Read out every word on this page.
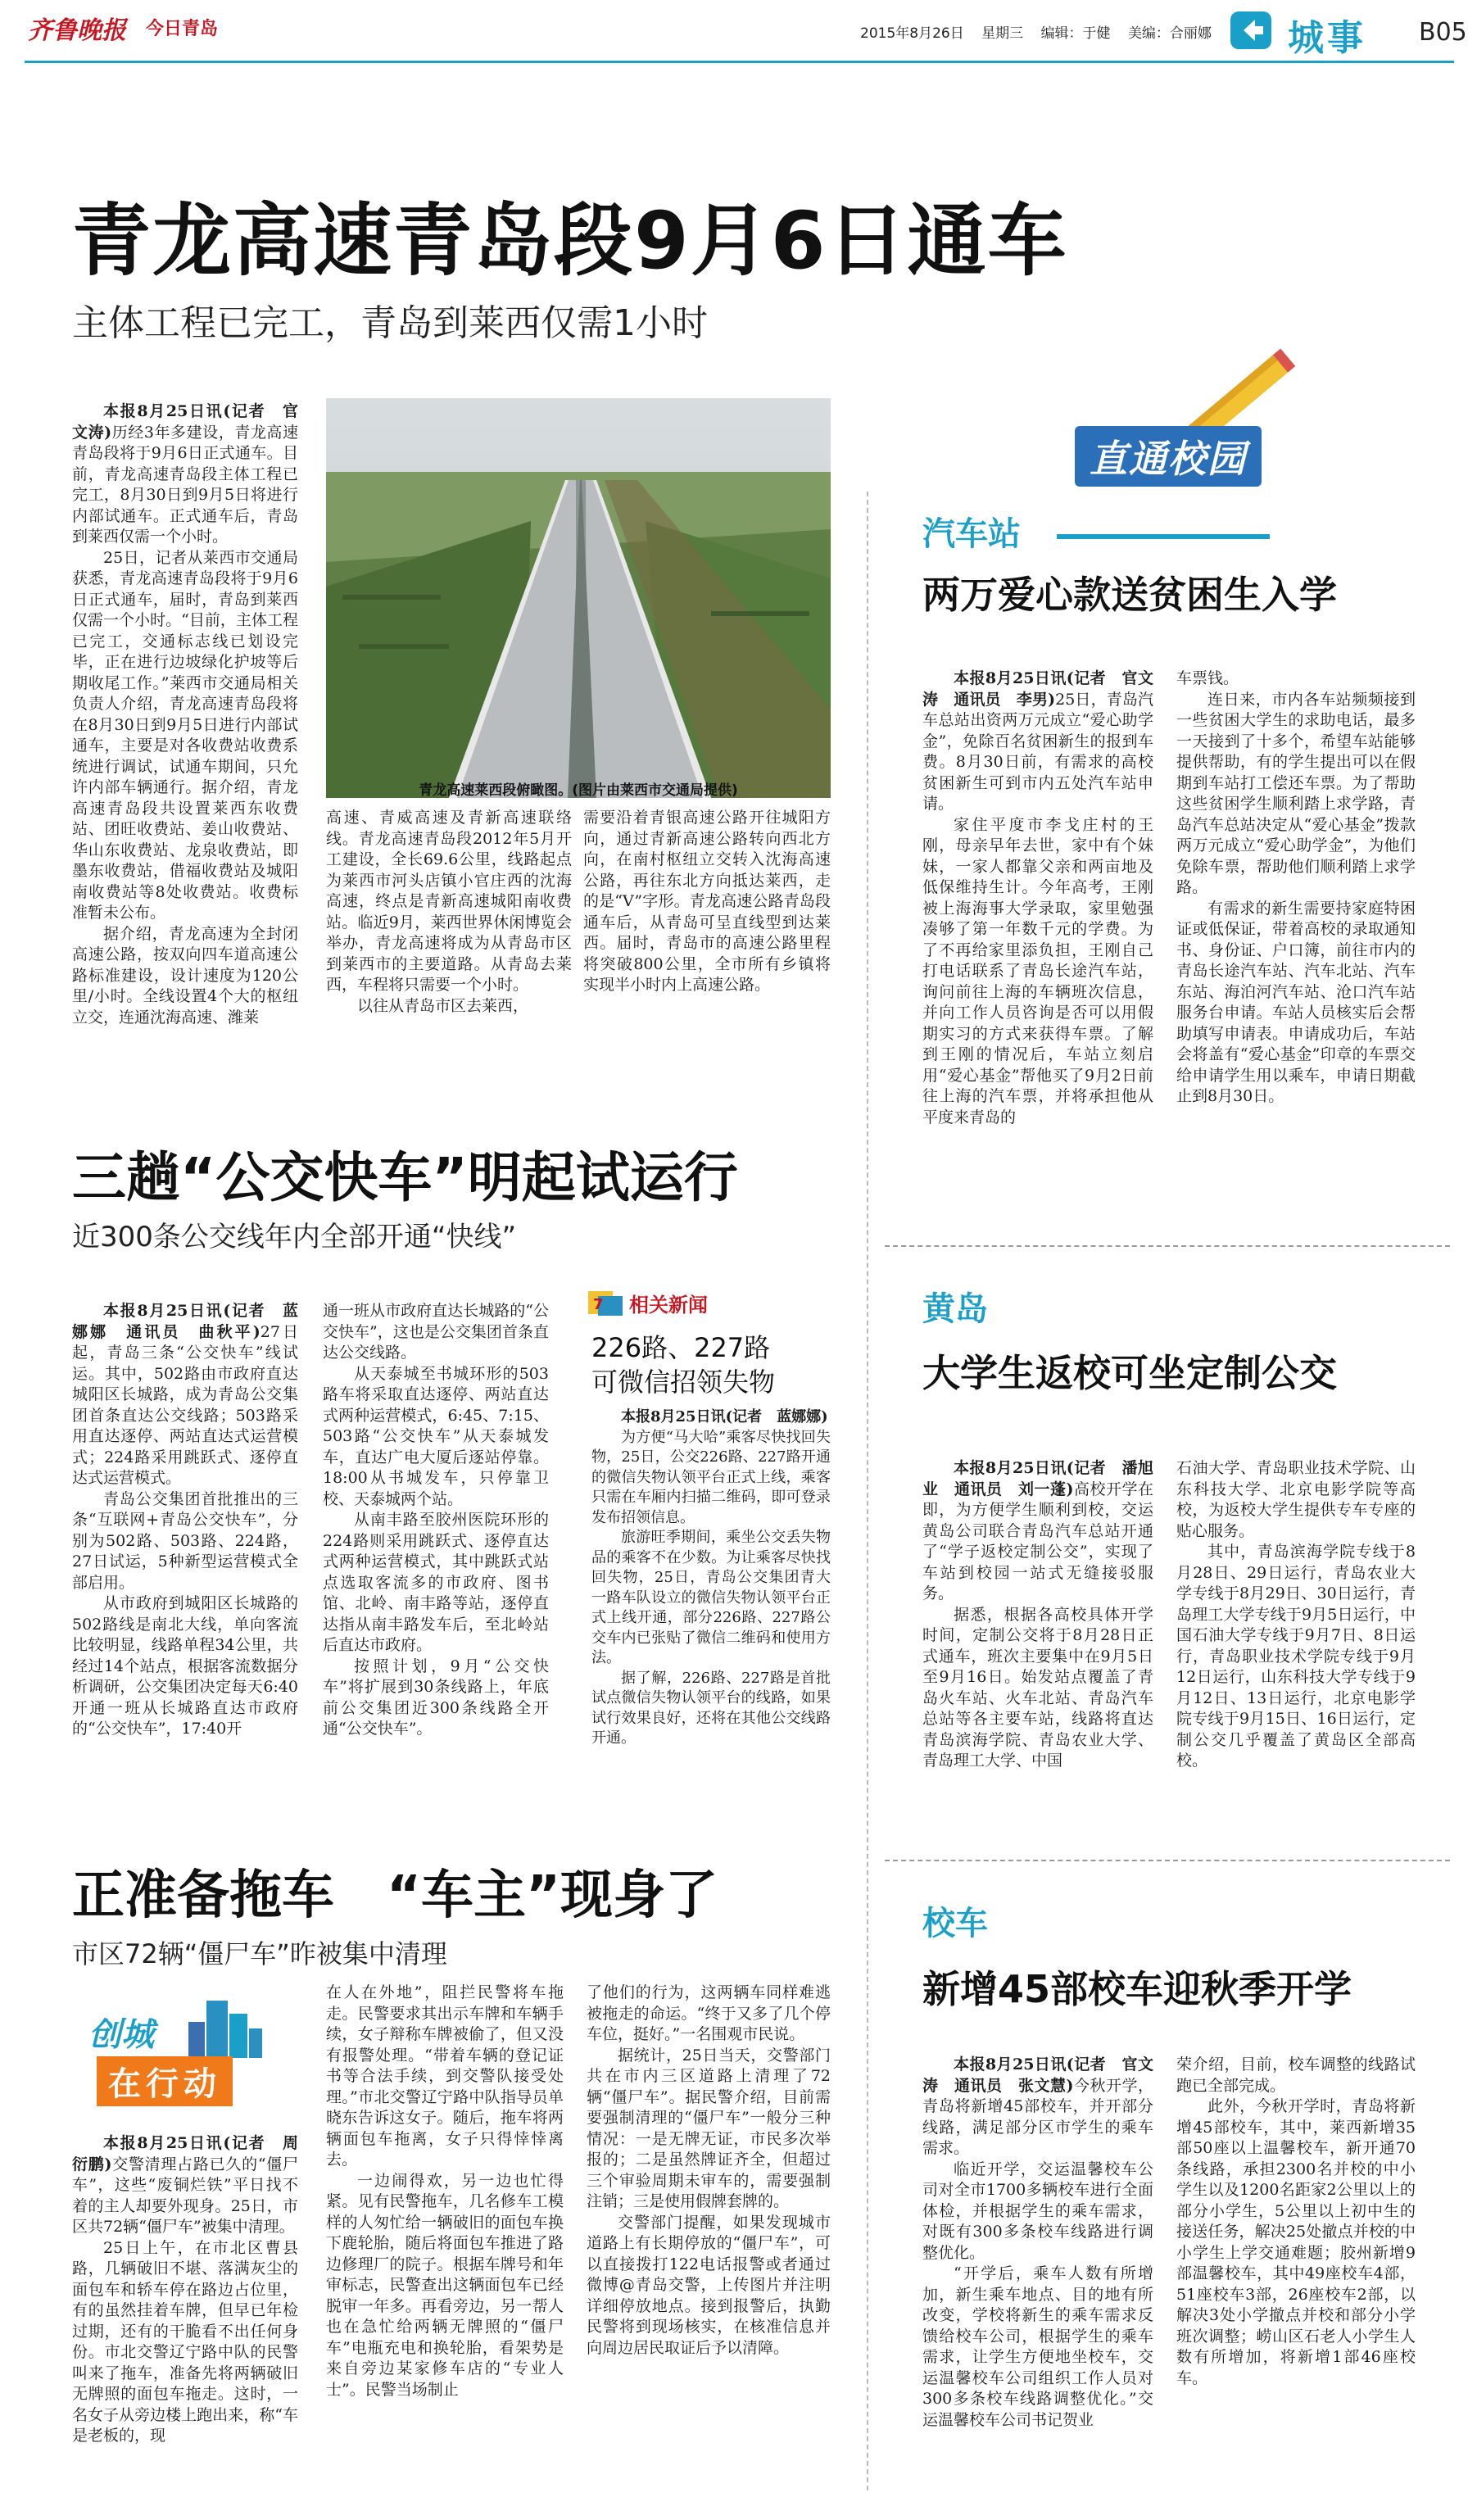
齐鲁晚报 今日青岛	2015年8月26日 星期三 编辑：于健 美编：合丽娜 城事 B05
青龙高速青岛段9月6日通车
主体工程已完工，青岛到莱西仅需1小时

本报8月25日讯(记者　官文涛)历经3年多建设，青龙高速青岛段将于9月6日正式通车。目前，青龙高速青岛段主体工程已完工，8月30日到9月5日将进行内部试通车。正式通车后，青岛到莱西仅需一个小时。

25日，记者从莱西市交通局获悉，青龙高速青岛段将于9月6日正式通车，届时，青岛到莱西仅需一个小时。“目前，主体工程已完工，交通标志线已划设完毕，正在进行边坡绿化护坡等后期收尾工作。”莱西市交通局相关负责人介绍，青龙高速青岛段将在8月30日到9月5日进行内部试通车，主要是对各收费站收费系统进行调试，试通车期间，只允许内部车辆通行。据介绍，青龙高速青岛段共设置莱西东收费站、团旺收费站、姜山收费站、华山东收费站、龙泉收费站，即墨东收费站，借福收费站及城阳南收费站等8处收费站。收费标准暂未公布。

据介绍，青龙高速为全封闭高速公路，按双向四车道高速公路标准建设，设计速度为120公里/小时。全线设置4个大的枢纽立交，连通沈海高速、潍莱

青龙高速莱西段俯瞰图。(图片由莱西市交通局提供)

高速、青威高速及青新高速联络线。青龙高速青岛段2012年5月开工建设，全长69.6公里，线路起点为莱西市河头店镇小官庄西的沈海高速，终点是青新高速城阳南收费站。临近9月，莱西世界休闲博览会举办，青龙高速将成为从青岛市区到莱西市的主要道路。从青岛去莱西，车程将只需要一个小时。

以往从青岛市区去莱西，

需要沿着青银高速公路开往城阳方向，通过青新高速公路转向西北方向，在南村枢纽立交转入沈海高速公路，再往东北方向抵达莱西，走的是“V”字形。青龙高速公路青岛段通车后，从青岛可呈直线型到达莱西。届时，青岛市的高速公路里程将突破800公里，全市所有乡镇将实现半小时内上高速公路。

三趟“公交快车”明起试运行
近300条公交线年内全部开通“快线”

本报8月25日讯(记者　蓝娜娜　通讯员　曲秋平)27日起，青岛三条“公交快车”线试运。其中，502路由市政府直达城阳区长城路，成为青岛公交集团首条直达公交线路；503路采用直达逐停、两站直达式运营模式；224路采用跳跃式、逐停直达式运营模式。

青岛公交集团首批推出的三条“互联网+青岛公交快车”，分别为502路、503路、224路，27日试运，5种新型运营模式全部启用。

从市政府到城阳区长城路的502路线是南北大线，单向客流比较明显，线路单程34公里，共经过14个站点，根据客流数据分析调研，公交集团决定每天6:40开通一班从长城路直达市政府的“公交快车”，17:40开

通一班从市政府直达长城路的“公交快车”，这也是公交集团首条直达公交线路。

从天泰城至书城环形的503路车将采取直达逐停、两站直达式两种运营模式，6:45、7:15、503路“公交快车”从天泰城发车，直达广电大厦后逐站停靠。18:00从书城发车，只停靠卫校、天泰城两个站。

从南丰路至胶州医院环形的224路则采用跳跃式、逐停直达式两种运营模式，其中跳跃式站点选取客流多的市政府、图书馆、北岭、南丰路等站，逐停直达指从南丰路发车后，至北岭站后直达市政府。

按照计划，9月“公交快车”将扩展到30条线路上，年底前公交集团近300条线路全开通“公交快车”。

7 相关新闻
226路、227路
可微信招领失物

本报8月25日讯(记者　蓝娜娜)

为方便“马大哈”乘客尽快找回失物，25日，公交226路、227路开通的微信失物认领平台正式上线，乘客只需在车厢内扫描二维码，即可登录发布招领信息。

旅游旺季期间，乘坐公交丢失物品的乘客不在少数。为让乘客尽快找回失物，25日，青岛公交集团青大一路车队设立的微信失物认领平台正式上线开通，部分226路、227路公交车内已张贴了微信二维码和使用方法。

据了解，226路、227路是首批试点微信失物认领平台的线路，如果试行效果良好，还将在其他公交线路开通。

正准备拖车　“车主”现身了
市区72辆“僵尸车”昨被集中清理
创城
在行动

本报8月25日讯(记者　周衍鹏)交警清理占路已久的“僵尸车”，这些“废铜烂铁”平日找不着的主人却要外现身。25日，市区共72辆“僵尸车”被集中清理。

25日上午，在市北区曹县路，几辆破旧不堪、落满灰尘的面包车和轿车停在路边占位里，有的虽然挂着车牌，但早已年检过期，还有的干脆看不出任何身份。市北交警辽宁路中队的民警叫来了拖车，准备先将两辆破旧无牌照的面包车拖走。这时，一名女子从旁边楼上跑出来，称“车是老板的，现

在人在外地”，阻拦民警将车拖走。民警要求其出示车牌和车辆手续，女子辩称车牌被偷了，但又没有报警处理。“带着车辆的登记证书等合法手续，到交警队接受处理。”市北交警辽宁路中队指导员单晓东告诉这女子。随后，拖车将两辆面包车拖离，女子只得悻悻离去。

一边闹得欢，另一边也忙得紧。见有民警拖车，几名修车工模样的人匆忙给一辆破旧的面包车换下鹿轮胎，随后将面包车推进了路边修理厂的院子。根据车牌号和年审标志，民警查出这辆面包车已经脱审一年多。再看旁边，另一帮人也在急忙给两辆无牌照的“僵尸车”电瓶充电和换轮胎，看架势是来自旁边某家修车店的“专业人士”。民警当场制止

了他们的行为，这两辆车同样难逃被拖走的命运。“终于又多了几个停车位，挺好。”一名围观市民说。

据统计，25日当天，交警部门共在市内三区道路上清理了72辆“僵尸车”。据民警介绍，目前需要强制清理的“僵尸车”一般分三种情况：一是无牌无证，市民多次举报的；二是虽然牌证齐全，但超过三个审验周期未审车的，需要强制注销；三是使用假牌套牌的。

交警部门提醒，如果发现城市道路上有长期停放的“僵尸车”，可以直接拨打122电话报警或者通过微博@青岛交警，上传图片并注明详细停放地点。接到报警后，执勤民警将到现场核实，在核准信息并向周边居民取证后予以清障。

直通校园
汽车站
两万爱心款送贫困生入学

本报8月25日讯(记者　官文涛　通讯员　李男)25日，青岛汽车总站出资两万元成立“爱心助学金”，免除百名贫困新生的报到车费。8月30日前，有需求的高校贫困新生可到市内五处汽车站申请。

家住平度市李戈庄村的王刚，母亲早年去世，家中有个妹妹，一家人都靠父亲和两亩地及低保维持生计。今年高考，王刚被上海海事大学录取，家里勉强凑够了第一年数千元的学费。为了不再给家里添负担，王刚自己打电话联系了青岛长途汽车站，询问前往上海的车辆班次信息，并向工作人员咨询是否可以用假期实习的方式来获得车票。了解到王刚的情况后，车站立刻启用“爱心基金”帮他买了9月2日前往上海的汽车票，并将承担他从平度来青岛的

车票钱。

连日来，市内各车站频频接到一些贫困大学生的求助电话，最多一天接到了十多个，希望车站能够提供帮助，有的学生提出可以在假期到车站打工偿还车票。为了帮助这些贫困学生顺利踏上求学路，青岛汽车总站决定从“爱心基金”拨款两万元成立“爱心助学金”，为他们免除车票，帮助他们顺利踏上求学路。

有需求的新生需要持家庭特困证或低保证，带着高校的录取通知书、身份证、户口簿，前往市内的青岛长途汽车站、汽车北站、汽车东站、海泊河汽车站、沧口汽车站服务台申请。车站人员核实后会帮助填写申请表。申请成功后，车站会将盖有“爱心基金”印章的车票交给申请学生用以乘车，申请日期截止到8月30日。

黄岛
大学生返校可坐定制公交

本报8月25日讯(记者　潘旭业　通讯员　刘一蓬)高校开学在即，为方便学生顺利到校，交运黄岛公司联合青岛汽车总站开通了“学子返校定制公交”，实现了车站到校园一站式无缝接驳服务。

据悉，根据各高校具体开学时间，定制公交将于8月28日正式通车，班次主要集中在9月5日至9月16日。始发站点覆盖了青岛火车站、火车北站、青岛汽车总站等各主要车站，线路将直达青岛滨海学院、青岛农业大学、青岛理工大学、中国

石油大学、青岛职业技术学院、山东科技大学、北京电影学院等高校，为返校大学生提供专车专座的贴心服务。

其中，青岛滨海学院专线于8月28日、29日运行，青岛农业大学专线于8月29日、30日运行，青岛理工大学专线于9月5日运行，中国石油大学专线于9月7日、8日运行，青岛职业技术学院专线于9月12日运行，山东科技大学专线于9月12日、13日运行，北京电影学院专线于9月15日、16日运行，定制公交几乎覆盖了黄岛区全部高校。

校车
新增45部校车迎秋季开学

本报8月25日讯(记者　官文涛　通讯员　张文慧)今秋开学，青岛将新增45部校车，并开部分线路，满足部分区市学生的乘车需求。

临近开学，交运温馨校车公司对全市1700多辆校车进行全面体检，并根据学生的乘车需求，对既有300多条校车线路进行调整优化。

“开学后，乘车人数有所增加，新生乘车地点、目的地有所改变，学校将新生的乘车需求反馈给校车公司，根据学生的乘车需求，让学生方便地坐校车，交运温馨校车公司组织工作人员对300多条校车线路调整优化。”交运温馨校车公司书记贺业

荣介绍，目前，校车调整的线路试跑已全部完成。

此外，今秋开学时，青岛将新增45部校车，其中，莱西新增35部50座以上温馨校车，新开通70条线路，承担2300名并校的中小学生以及1200名距家2公里以上的部分小学生，5公里以上初中生的接送任务，解决25处撤点并校的中小学生上学交通难题；胶州新增9部温馨校车，其中49座校车4部，51座校车3部，26座校车2部，以解决3处小学撤点并校和部分小学班次调整；崂山区石老人小学生人数有所增加，将新增1部46座校车。
